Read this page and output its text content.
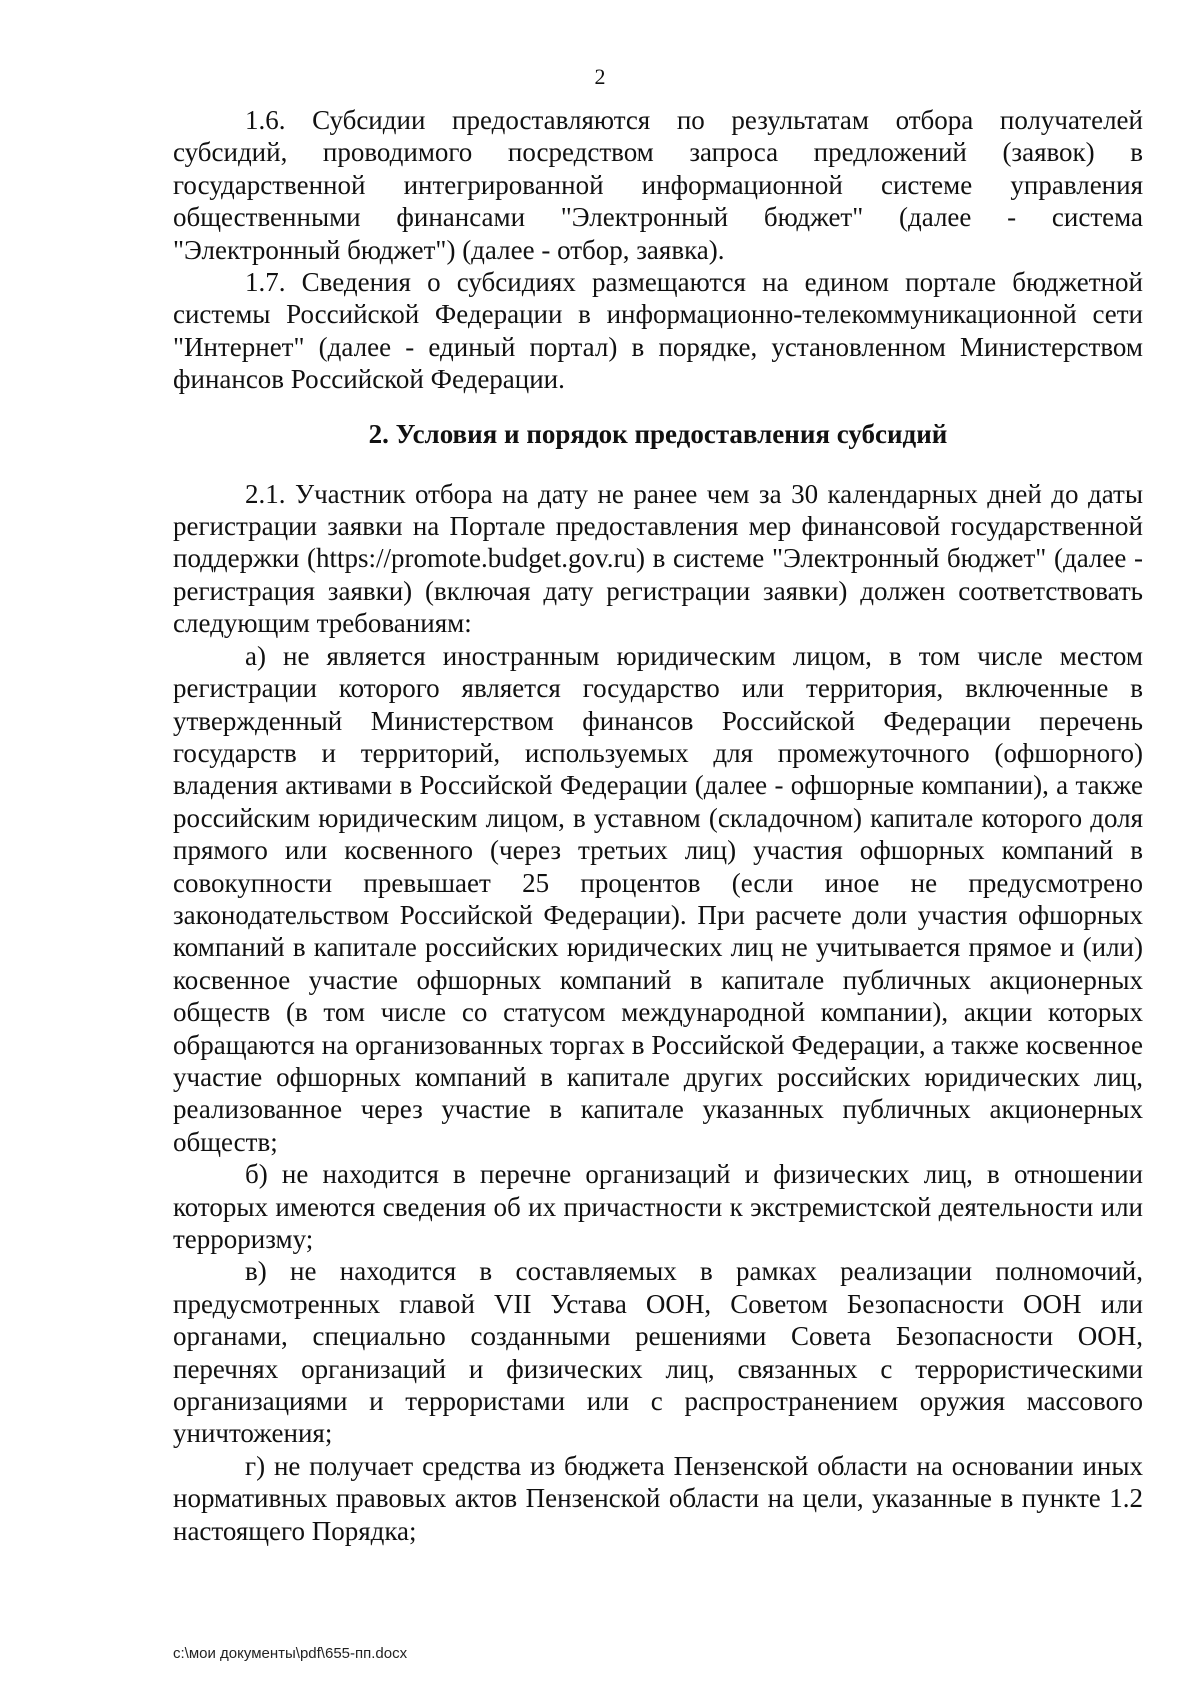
2

1.6. Субсидии предоставляются по результатам отбора получателей субсидий, проводимого посредством запроса предложений (заявок) в государственной интегрированной информационной системе управления общественными финансами "Электронный бюджет" (далее - система "Электронный бюджет") (далее - отбор, заявка).

1.7. Сведения о субсидиях размещаются на едином портале бюджетной системы Российской Федерации в информационно-телекоммуникационной сети "Интернет" (далее - единый портал) в порядке, установленном Министерством финансов Российской Федерации.

2. Условия и порядок предоставления субсидий

2.1. Участник отбора на дату не ранее чем за 30 календарных дней до даты регистрации заявки на Портале предоставления мер финансовой государственной поддержки (https://promote.budget.gov.ru) в системе "Электронный бюджет" (далее - регистрация заявки) (включая дату регистрации заявки) должен соответствовать следующим требованиям:

а) не является иностранным юридическим лицом, в том числе местом регистрации которого является государство или территория, включенные в утвержденный Министерством финансов Российской Федерации перечень государств и территорий, используемых для промежуточного (офшорного) владения активами в Российской Федерации (далее - офшорные компании), а также российским юридическим лицом, в уставном (складочном) капитале которого доля прямого или косвенного (через третьих лиц) участия офшорных компаний в совокупности превышает 25 процентов (если иное не предусмотрено законодательством Российской Федерации). При расчете доли участия офшорных компаний в капитале российских юридических лиц не учитывается прямое и (или) косвенное участие офшорных компаний в капитале публичных акционерных обществ (в том числе со статусом международной компании), акции которых обращаются на организованных торгах в Российской Федерации, а также косвенное участие офшорных компаний в капитале других российских юридических лиц, реализованное через участие в капитале указанных публичных акционерных обществ;

б) не находится в перечне организаций и физических лиц, в отношении которых имеются сведения об их причастности к экстремистской деятельности или терроризму;

в) не находится в составляемых в рамках реализации полномочий, предусмотренных главой VII Устава ООН, Советом Безопасности ООН или органами, специально созданными решениями Совета Безопасности ООН, перечнях организаций и физических лиц, связанных с террористическими организациями и террористами или с распространением оружия массового уничтожения;

г) не получает средства из бюджета Пензенской области на основании иных нормативных правовых актов Пензенской области на цели, указанные в пункте 1.2 настоящего Порядка;

c:\мои документы\pdf\655-пп.docx
